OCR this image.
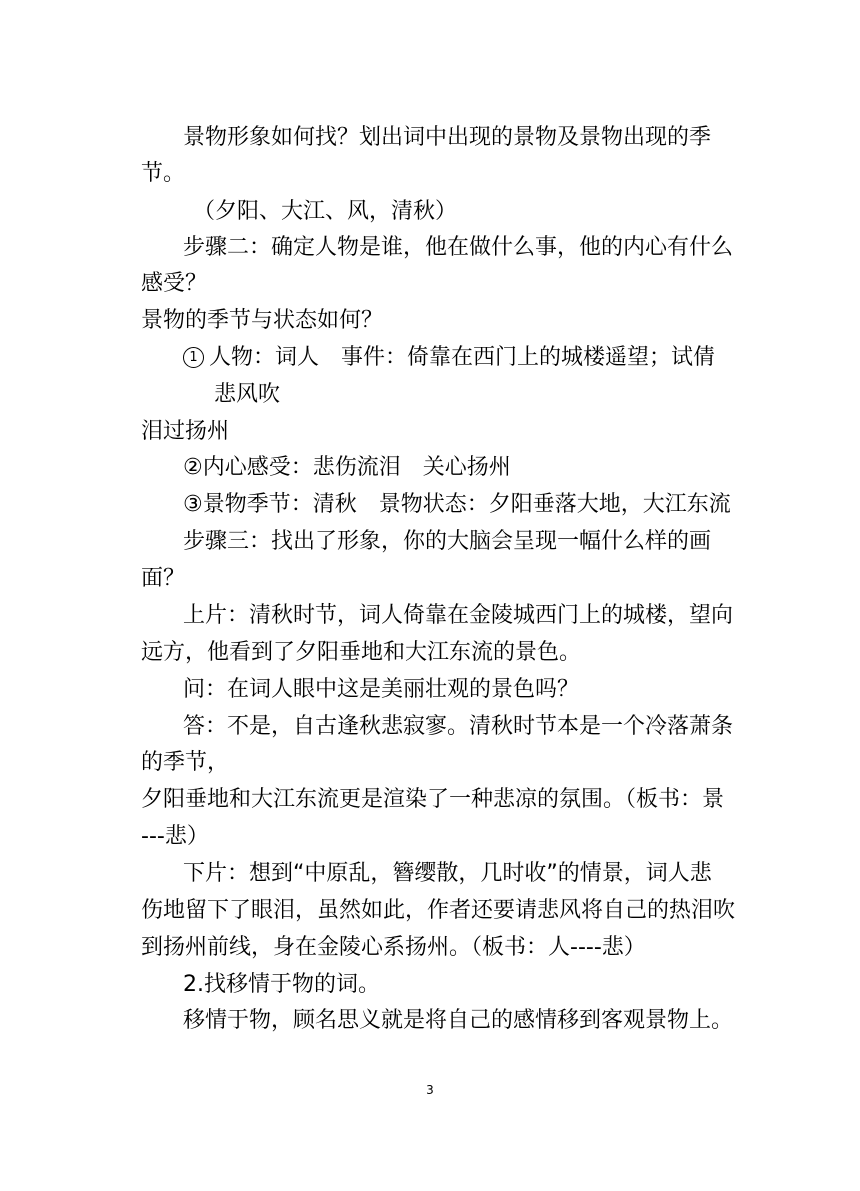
景物形象如何找？划出词中出现的景物及景物出现的季
节。
（夕阳、大江、风，清秋）
步骤二：确定人物是谁，他在做什么事，他的内心有什么
感受？
景物的季节与状态如何？
1 人物：词人　事件：倚靠在西门上的城楼遥望；试倩
悲风吹
泪过扬州
②内心感受：悲伤流泪　关心扬州
③景物季节：清秋　景物状态：夕阳垂落大地，大江东流
步骤三：找出了形象，你的大脑会呈现一幅什么样的画
面？
上片：清秋时节，词人倚靠在金陵城西门上的城楼，望向
远方，他看到了夕阳垂地和大江东流的景色。
问：在词人眼中这是美丽壮观的景色吗？
答：不是，自古逢秋悲寂寥。清秋时节本是一个冷落萧条
的季节，
夕阳垂地和大江东流更是渲染了一种悲凉的氛围。（板书：景
---悲）
下片：想到“中原乱，簪缨散，几时收”的情景，词人悲
伤地留下了眼泪，虽然如此，作者还要请悲风将自己的热泪吹
到扬州前线，身在金陵心系扬州。（板书：人----悲）
2.找移情于物的词。
移情于物，顾名思义就是将自己的感情移到客观景物上。
3
